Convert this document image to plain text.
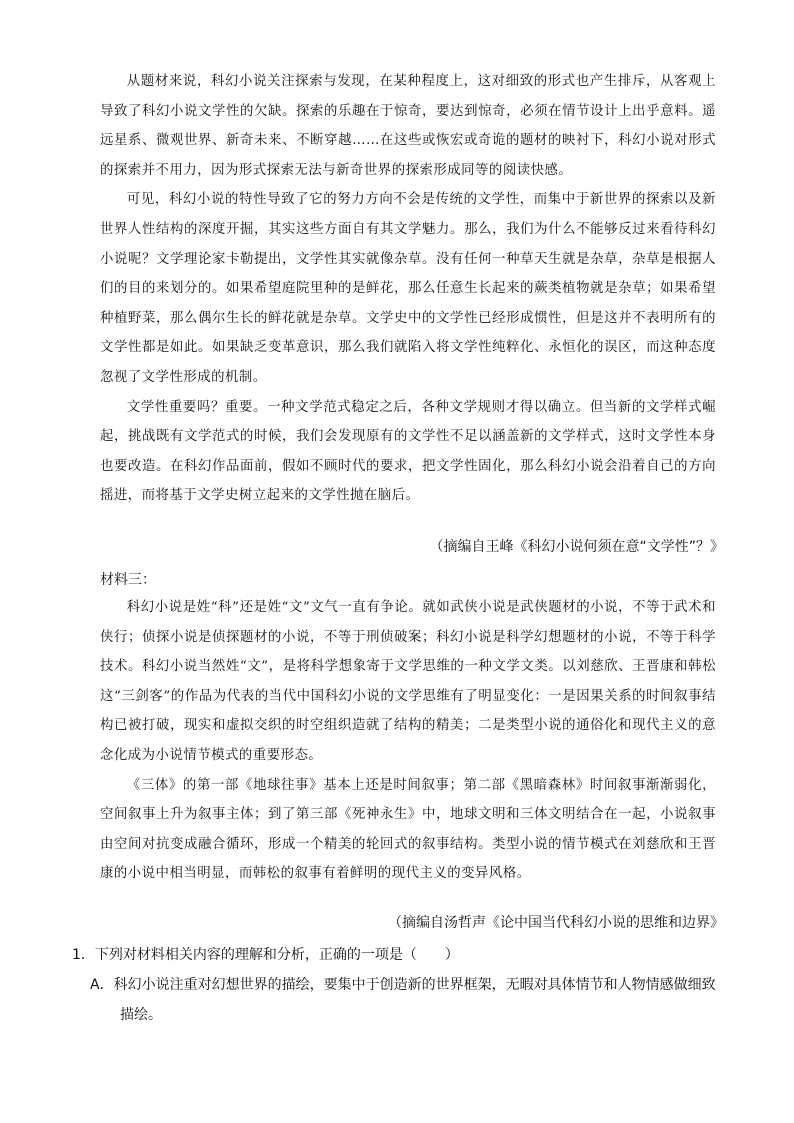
从题材来说，科幻小说关注探索与发现，在某种程度上，这对细致的形式也产生排斥，从客观上导致了科幻小说文学性的欠缺。探索的乐趣在于惊奇，要达到惊奇，必须在情节设计上出乎意料。遥远星系、微观世界、新奇未来、不断穿越……在这些或恢宏或奇诡的题材的映衬下，科幻小说对形式的探索并不用力，因为形式探索无法与新奇世界的探索形成同等的阅读快感。

可见，科幻小说的特性导致了它的努力方向不会是传统的文学性，而集中于新世界的探索以及新世界人性结构的深度开掘，其实这些方面自有其文学魅力。那么，我们为什么不能够反过来看待科幻小说呢？文学理论家卡勒提出，文学性其实就像杂草。没有任何一种草天生就是杂草，杂草是根据人们的目的来划分的。如果希望庭院里种的是鲜花，那么任意生长起来的蕨类植物就是杂草；如果希望种植野菜，那么偶尔生长的鲜花就是杂草。文学史中的文学性已经形成惯性，但是这并不表明所有的文学性都是如此。如果缺乏变革意识，那么我们就陷入将文学性纯粹化、永恒化的误区，而这种态度忽视了文学性形成的机制。

文学性重要吗？重要。一种文学范式稳定之后，各种文学规则才得以确立。但当新的文学样式崛起，挑战既有文学范式的时候，我们会发现原有的文学性不足以涵盖新的文学样式，这时文学性本身也要改造。在科幻作品面前，假如不顾时代的要求，把文学性固化，那么科幻小说会沿着自己的方向摇进，而将基于文学史树立起来的文学性抛在脑后。

（摘编自王峰《科幻小说何须在意“文学性”？》
材料三：

科幻小说是姓“科”还是姓“文”文气一直有争论。就如武侠小说是武侠题材的小说，不等于武术和侠行；侦探小说是侦探题材的小说，不等于刑侦破案；科幻小说是科学幻想题材的小说，不等于科学技术。科幻小说当然姓“文”，是将科学想象寄于文学思维的一种文学文类。以刘慈欣、王晋康和韩松这“三剑客”的作品为代表的当代中国科幻小说的文学思维有了明显变化：一是因果关系的时间叙事结构已被打破，现实和虚拟交织的时空组织造就了结构的精美；二是类型小说的通俗化和现代主义的意念化成为小说情节模式的重要形态。

《三体》的第一部《地球往事》基本上还是时间叙事；第二部《黑暗森林》时间叙事渐渐弱化，空间叙事上升为叙事主体；到了第三部《死神永生》中，地球文明和三体文明结合在一起，小说叙事由空间对抗变成融合循环，形成一个精美的轮回式的叙事结构。类型小说的情节模式在刘慈欣和王晋康的小说中相当明显，而韩松的叙事有着鲜明的现代主义的变异风格。

（摘编自汤哲声《论中国当代科幻小说的思维和边界》
1．下列对材料相关内容的理解和分析，正确的一项是（　　）
A．科幻小说注重对幻想世界的描绘，要集中于创造新的世界框架，无暇对具体情节和人物情感做细致
描绘。
